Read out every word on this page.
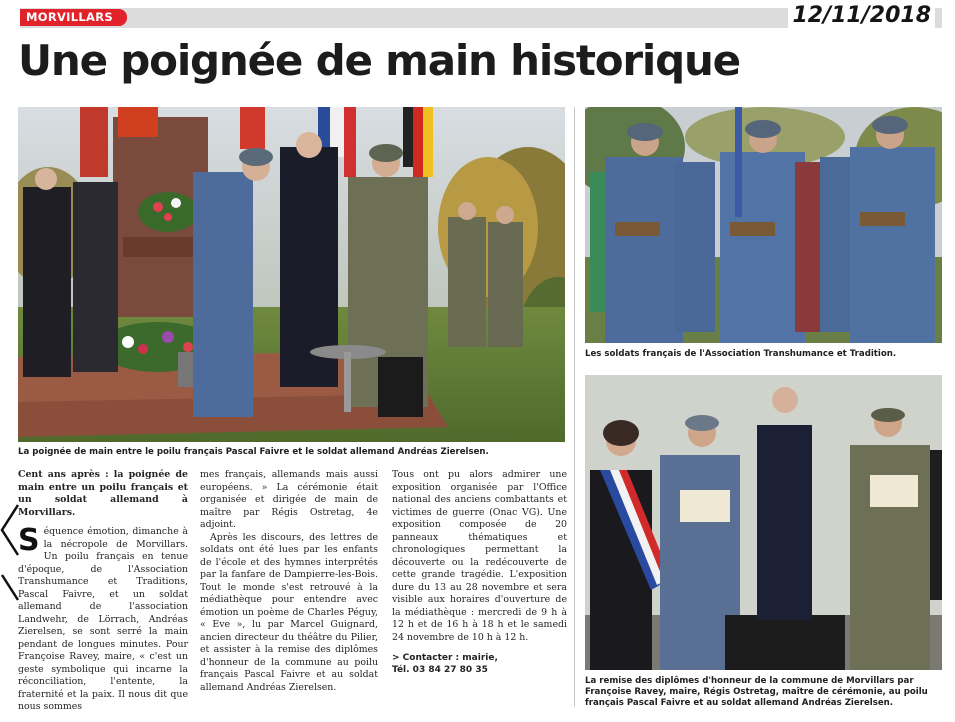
MORVILLARS	12/11/2018
Une poignée de main historique
Les soldats français de l'Association Transhumance et Tradition.
La remise des diplômes d'honneur de la commune de Morvillars par Françoise Ravey, maire, Régis Ostretag, maître de cérémonie, au poilu français Pascal Faivre et au soldat allemand Andréas Zierelsen.
La poignée de main entre le poilu français Pascal Faivre et le soldat allemand Andréas Zierelsen.

Cent ans après : la poignée de main entre un poilu français et un soldat allemand à Morvillars.

Séquence émotion, dimanche à la nécropole de Morvillars. Un poilu français en tenue d'époque, de l'Association Transhumance et Traditions, Pascal Faivre, et un soldat allemand de l'association Landwehr, de Lörrach, Andréas Zierelsen, se sont serré la main pendant de longues minutes. Pour Françoise Ravey, maire, « c'est un geste symbolique qui incarne la réconciliation, l'entente, la fraternité et la paix. Il nous dit que nous sommes

mes français, allemands mais aussi européens. » La cérémonie était organisée et dirigée de main de maître par Régis Ostretag, 4e adjoint.

Après les discours, des lettres de soldats ont été lues par les enfants de l'école et des hymnes interprétés par la fanfare de Dampierre-les-Bois. Tout le monde s'est retrouvé à la médiathèque pour entendre avec émotion un poème de Charles Péguy, « Eve », lu par Marcel Guignard, ancien directeur du théâtre du Pilier, et assister à la remise des diplômes d'honneur de la commune au poilu français Pascal Faivre et au soldat allemand Andréas Zierelsen.

Tous ont pu alors admirer une exposition organisée par l'Office national des anciens combattants et victimes de guerre (Onac VG). Une exposition composée de 20 panneaux thématiques et chronologiques permettant la découverte ou la redécouverte de cette grande tragédie. L'exposition dure du 13 au 28 novembre et sera visible aux horaires d'ouverture de la médiathèque : mercredi de 9 h à 12 h et de 16 h à 18 h et le samedi 24 novembre de 10 h à 12 h.

> Contacter : mairie,
Tél. 03 84 27 80 35
